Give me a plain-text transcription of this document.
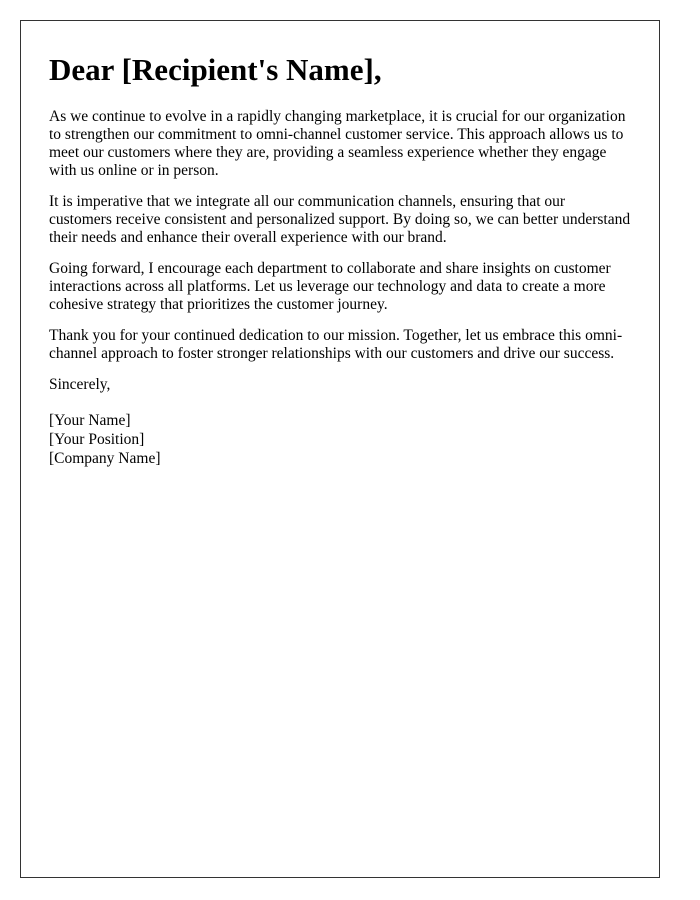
Dear [Recipient's Name],

As we continue to evolve in a rapidly changing marketplace, it is crucial for our organization to strengthen our commitment to omni-channel customer service. This approach allows us to meet our customers where they are, providing a seamless experience whether they engage with us online or in person.

It is imperative that we integrate all our communication channels, ensuring that our customers receive consistent and personalized support. By doing so, we can better understand their needs and enhance their overall experience with our brand.

Going forward, I encourage each department to collaborate and share insights on customer interactions across all platforms. Let us leverage our technology and data to create a more cohesive strategy that prioritizes the customer journey.

Thank you for your continued dedication to our mission. Together, let us embrace this omni-channel approach to foster stronger relationships with our customers and drive our success.

Sincerely,

[Your Name]

[Your Position]

[Company Name]
